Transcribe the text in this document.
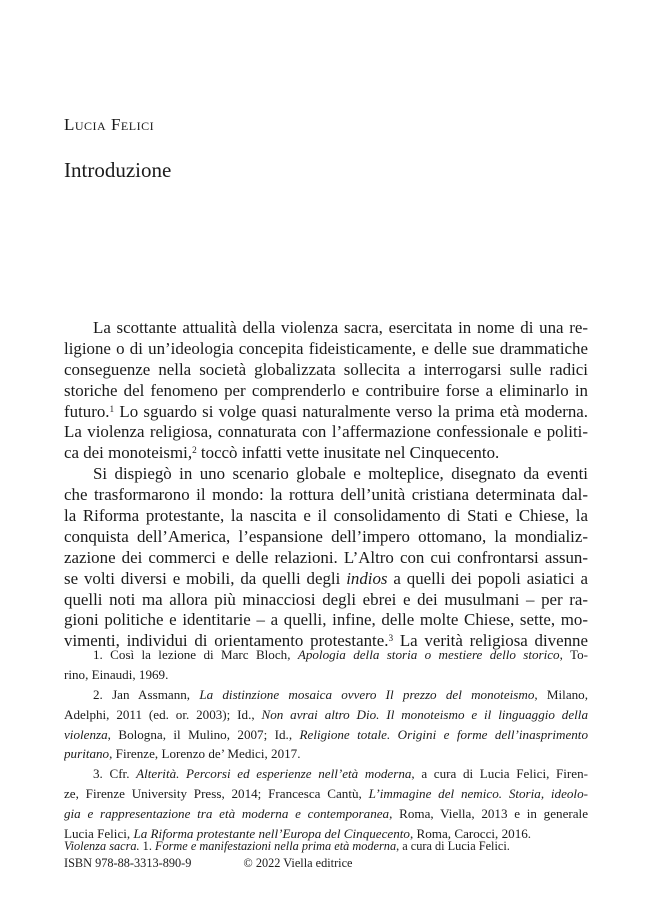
Lucia Felici
Introduzione
La scottante attualità della violenza sacra, esercitata in nome di una re-
ligione o di un’ideologia concepita fideisticamente, e delle sue drammatiche
conseguenze nella società globalizzata sollecita a interrogarsi sulle radici
storiche del fenomeno per comprenderlo e contribuire forse a eliminarlo in
futuro.$^1$ Lo sguardo si volge quasi naturalmente verso la prima età moderna.
La violenza religiosa, connaturata con l’affermazione confessionale e politi-
ca dei monoteismi,$^2$ toccò infatti vette inusitate nel Cinquecento.
Si dispiegò in uno scenario globale e molteplice, disegnato da eventi
che trasformarono il mondo: la rottura dell’unità cristiana determinata dal-
la Riforma protestante, la nascita e il consolidamento di Stati e Chiese, la
conquista dell’America, l’espansione dell’impero ottomano, la mondializ-
zazione dei commerci e delle relazioni. L’Altro con cui confrontarsi assun-
se volti diversi e mobili, da quelli degli indios a quelli dei popoli asiatici a
quelli noti ma allora più minacciosi degli ebrei e dei musulmani – per ra-
gioni politiche e identitarie – a quelli, infine, delle molte Chiese, sette, mo-
vimenti, individui di orientamento protestante.$^3$ La verità religiosa divenne
1. Così la lezione di Marc Bloch, Apologia della storia o mestiere dello storico, To-
rino, Einaudi, 1969.
2. Jan Assmann, La distinzione mosaica ovvero Il prezzo del monoteismo, Milano,
Adelphi, 2011 (ed. or. 2003); Id., Non avrai altro Dio. Il monoteismo e il linguaggio della
violenza, Bologna, il Mulino, 2007; Id., Religione totale. Origini e forme dell’inasprimento
puritano, Firenze, Lorenzo de’ Medici, 2017.
3. Cfr. Alterità. Percorsi ed esperienze nell’età moderna, a cura di Lucia Felici, Firen-
ze, Firenze University Press, 2014; Francesca Cantù, L’immagine del nemico. Storia, ideolo-
gia e rappresentazione tra età moderna e contemporanea, Roma, Viella, 2013 e in generale
Lucia Felici, La Riforma protestante nell’Europa del Cinquecento, Roma, Carocci, 2016.
Violenza sacra. 1. Forme e manifestazioni nella prima età moderna, a cura di Lucia Felici.
ISBN 978-88-3313-890-9	© 2022 Viella editrice
